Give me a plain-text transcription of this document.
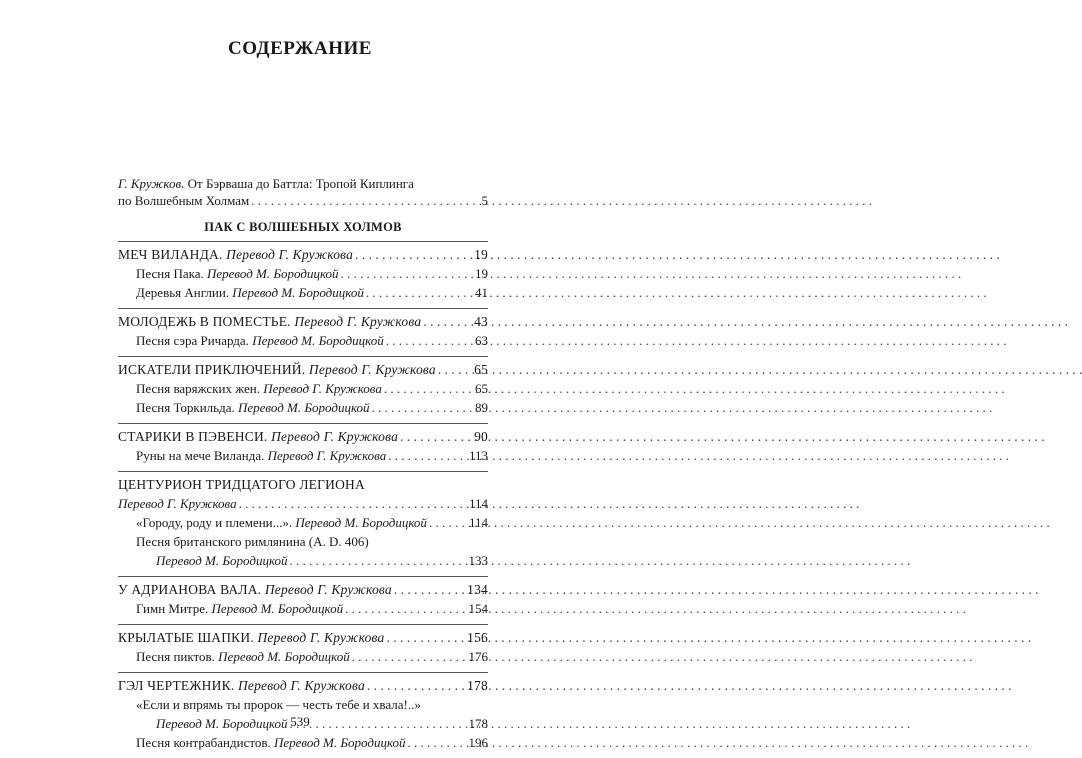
СОДЕРЖАНИЕ
Г. Кружков. От Бэрваша до Баттла: Тропой Киплинга
по Волшебным Холмам . . .	5
ПАК С ВОЛШЕБНЫХ ХОЛМОВ
МЕЧ ВИЛАНДА. Перевод Г. Кружкова . . .	19
Песня Пака. Перевод М. Бородицкой . . .	19
Деревья Англии. Перевод М. Бородицкой . . .	41
МОЛОДЕЖЬ В ПОМЕСТЬЕ. Перевод Г. Кружкова . . .	43
Песня сэра Ричарда. Перевод М. Бородицкой . . .	63
ИСКАТЕЛИ ПРИКЛЮЧЕНИЙ. Перевод Г. Кружкова . . .	65
Песня варяжских жен. Перевод Г. Кружкова . . .	65
Песня Торкильда. Перевод М. Бородицкой . . .	89
СТАРИКИ В ПЭВЕНСИ. Перевод Г. Кружкова . . .	90
Руны на мече Виланда. Перевод Г. Кружкова . . .	113
ЦЕНТУРИОН ТРИДЦАТОГО ЛЕГИОНА
Перевод Г. Кружкова . . .	114
«Городу, роду и племени...». Перевод М. Бородицкой . . .	114
Песня британского римлянина (A. D. 406)
Перевод М. Бородицкой . . .	133
У АДРИАНОВА ВАЛА. Перевод Г. Кружкова . . .	134
Гимн Митре. Перевод М. Бородицкой . . .	154
КРЫЛАТЫЕ ШАПКИ. Перевод Г. Кружкова . . .	156
Песня пиктов. Перевод М. Бородицкой . . .	176
ГЭЛ ЧЕРТЕЖНИК. Перевод Г. Кружкова . . .	178
«Если и впрямь ты пророк — честь тебе и хвала!..»
Перевод М. Бородицкой . . .	178
Песня контрабандистов. Перевод М. Бородицкой . . .	196
539
